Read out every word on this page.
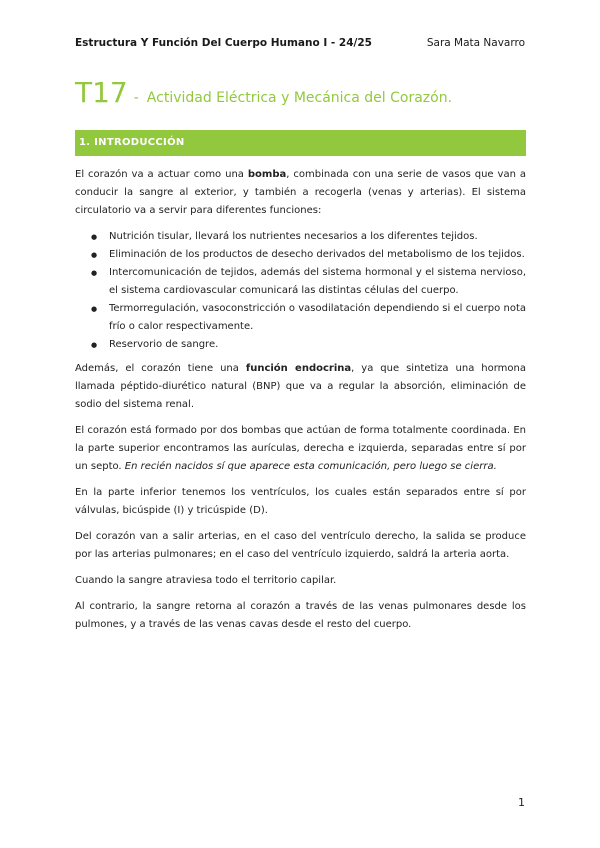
Estructura Y Función Del Cuerpo Humano I - 24/25	Sara Mata Navarro
T17 - Actividad Eléctrica y Mecánica del Corazón.
1. INTRODUCCIÓN

El corazón va a actuar como una bomba, combinada con una serie de vasos que van a conducir la sangre al exterior, y también a recogerla (venas y arterias). El sistema circulatorio va a servir para diferentes funciones:

● Nutrición tisular, llevará los nutrientes necesarios a los diferentes tejidos.
● Eliminación de los productos de desecho derivados del metabolismo de los tejidos.
● Intercomunicación de tejidos, además del sistema hormonal y el sistema nervioso, el sistema cardiovascular comunicará las distintas células del cuerpo.
● Termorregulación, vasoconstricción o vasodilatación dependiendo si el cuerpo nota frío o calor respectivamente.
● Reservorio de sangre.

Además, el corazón tiene una función endocrina, ya que sintetiza una hormona llamada péptido-diurético natural (BNP) que va a regular la absorción, eliminación de sodio del sistema renal.

El corazón está formado por dos bombas que actúan de forma totalmente coordinada. En la parte superior encontramos las aurículas, derecha e izquierda, separadas entre sí por un septo. En recién nacidos sí que aparece esta comunicación, pero luego se cierra.

En la parte inferior tenemos los ventrículos, los cuales están separados entre sí por válvulas, bicúspide (I) y tricúspide (D).

Del corazón van a salir arterias, en el caso del ventrículo derecho, la salida se produce por las arterias pulmonares; en el caso del ventrículo izquierdo, saldrá la arteria aorta.

Cuando la sangre atraviesa todo el territorio capilar.

Al contrario, la sangre retorna al corazón a través de las venas pulmonares desde los pulmones, y a través de las venas cavas desde el resto del cuerpo.

1
